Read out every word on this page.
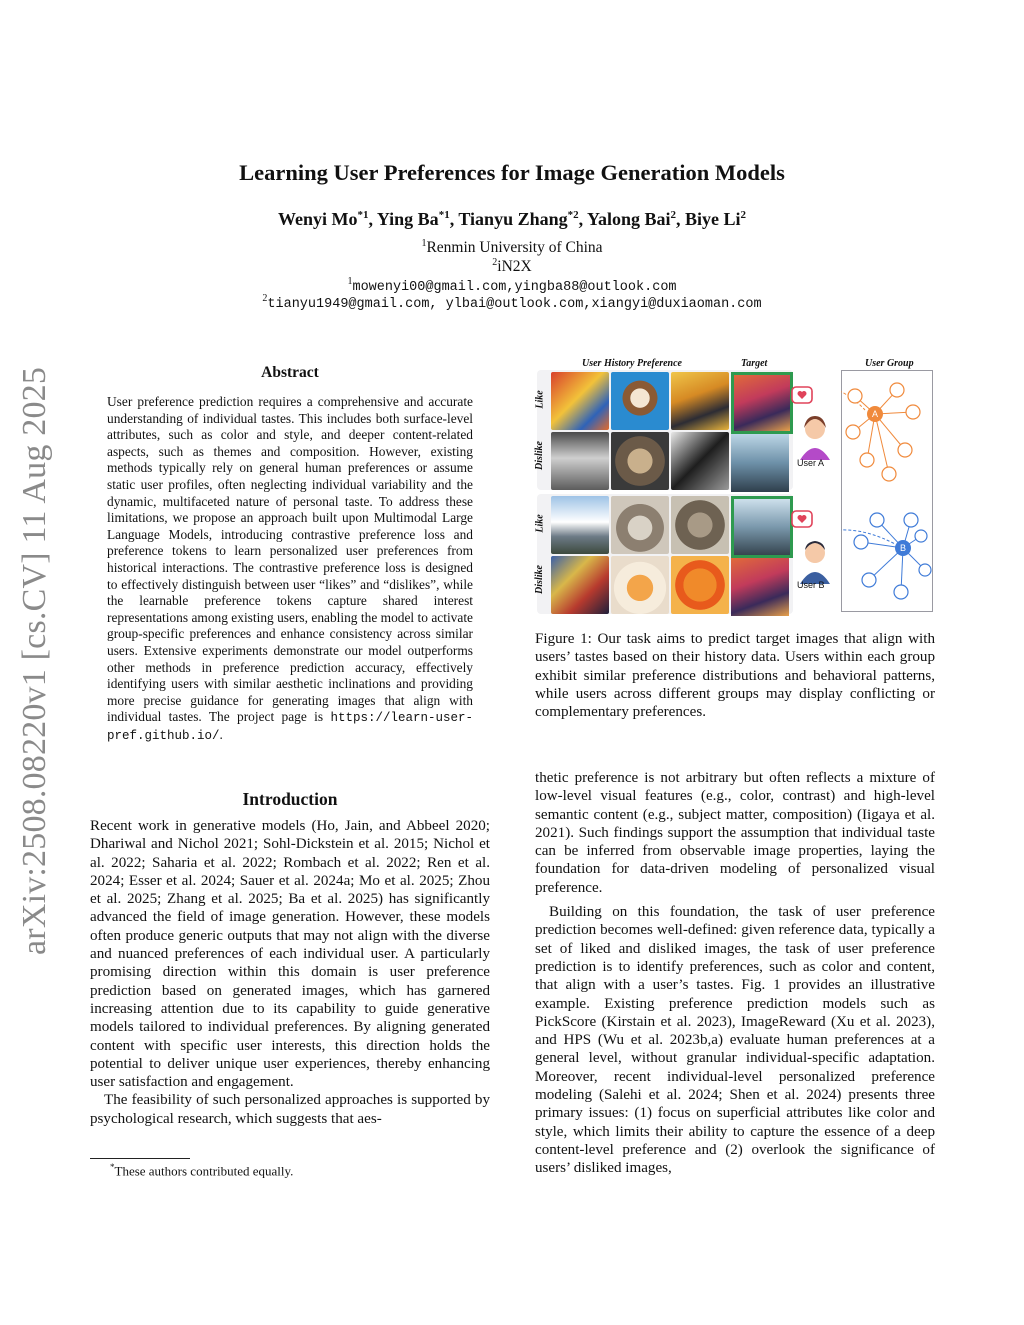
arXiv:2508.08220v1 [cs.CV] 11 Aug 2025
Learning User Preferences for Image Generation Models
Wenyi Mo$^{*1}$, Ying Ba$^{*1}$, Tianyu Zhang$^{*2}$, Yalong Bai$^2$, Biye Li$^2$
$^1$Renmin University of China
$^2$iN2X
$^1$mowenyi00@gmail.com,yingba88@outlook.com
$^2$tianyu1949@gmail.com, ylbai@outlook.com,xiangyi@duxiaoman.com
Abstract
User preference prediction requires a comprehensive and accurate understanding of individual tastes. This includes both surface-level attributes, such as color and style, and deeper content-related aspects, such as themes and composition. However, existing methods typically rely on general human preferences or assume static user profiles, often neglecting individual variability and the dynamic, multifaceted nature of personal taste. To address these limitations, we propose an approach built upon Multimodal Large Language Models, introducing contrastive preference loss and preference tokens to learn personalized user preferences from historical interactions. The contrastive preference loss is designed to effectively distinguish between user “likes” and “dislikes”, while the learnable preference tokens capture shared interest representations among existing users, enabling the model to activate group-specific preferences and enhance consistency across similar users. Extensive experiments demonstrate our model outperforms other methods in preference prediction accuracy, effectively identifying users with similar aesthetic inclinations and providing more precise guidance for generating images that align with individual tastes. The project page is https://learn-user-pref.github.io/.
Introduction

Recent work in generative models (Ho, Jain, and Abbeel 2020; Dhariwal and Nichol 2021; Sohl-Dickstein et al. 2015; Nichol et al. 2022; Saharia et al. 2022; Rombach et al. 2022; Ren et al. 2024; Esser et al. 2024; Sauer et al. 2024a; Mo et al. 2025; Zhou et al. 2025; Zhang et al. 2025; Ba et al. 2025) has significantly advanced the field of image generation. However, these models often produce generic outputs that may not align with the diverse and nuanced preferences of each individual user. A particularly promising direction within this domain is user preference prediction based on generated images, which has garnered increasing attention due to its capability to guide generative models tailored to individual preferences. By aligning generated content with specific user interests, this direction holds the potential to deliver unique user experiences, thereby enhancing user satisfaction and engagement.

The feasibility of such personalized approaches is supported by psychological research, which suggests that aes-

*These authors contributed equally.
User History Preference	Target	User Group
Like
Dislike
Like
Dislike
User A
User B
A
B
Figure 1: Our task aims to predict target images that align with users’ tastes based on their history data. Users within each group exhibit similar preference distributions and behavioral patterns, while users across different groups may display conflicting or complementary preferences.

thetic preference is not arbitrary but often reflects a mixture of low-level visual features (e.g., color, contrast) and high-level semantic content (e.g., subject matter, composition) (Iigaya et al. 2021). Such findings support the assumption that individual taste can be inferred from observable image properties, laying the foundation for data-driven modeling of personalized visual preference.

Building on this foundation, the task of user preference prediction becomes well-defined: given reference data, typically a set of liked and disliked images, the task of user preference prediction is to identify preferences, such as color and content, that align with a user’s tastes. Fig. 1 provides an illustrative example. Existing preference prediction models such as PickScore (Kirstain et al. 2023), ImageReward (Xu et al. 2023), and HPS (Wu et al. 2023b,a) evaluate human preferences at a general level, without granular individual-specific adaptation. Moreover, recent individual-level personalized preference modeling (Salehi et al. 2024; Shen et al. 2024) presents three primary issues: (1) focus on superficial attributes like color and style, which limits their ability to capture the essence of a deep content-level preference and (2) overlook the significance of users’ disliked images,
